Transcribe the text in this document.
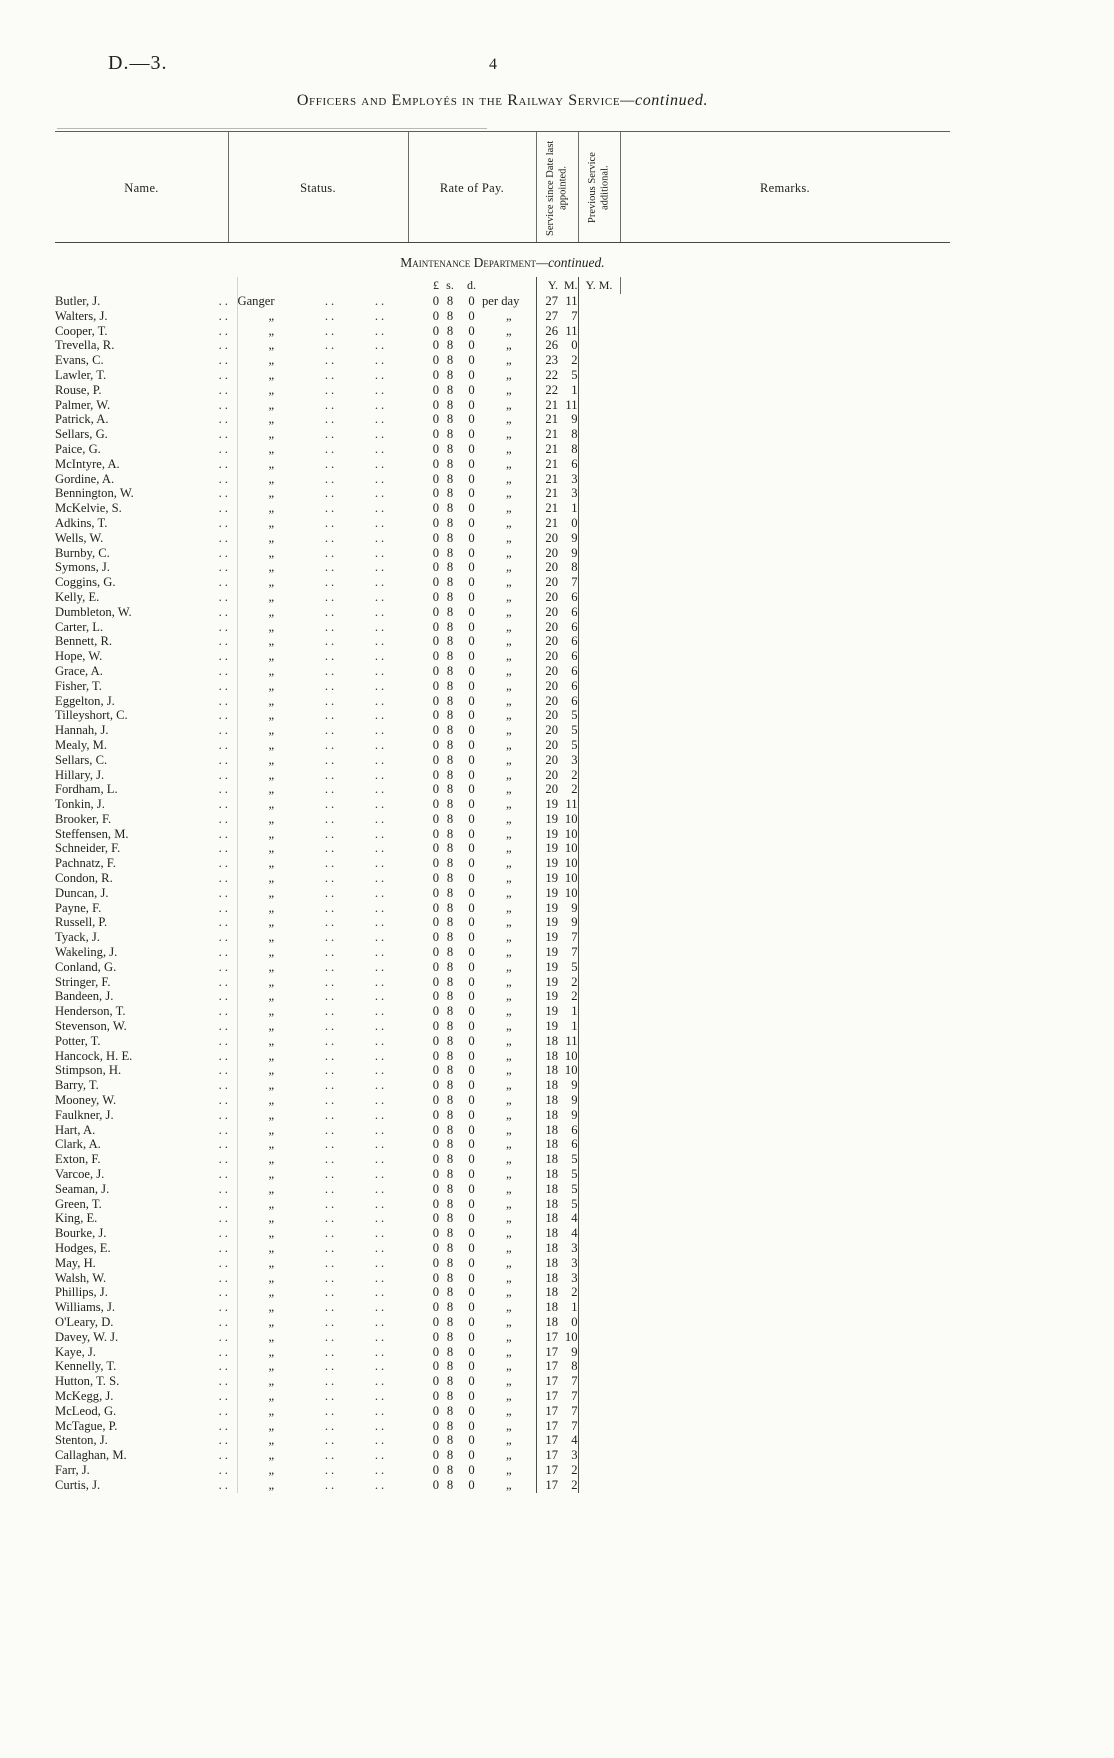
D.—3.	4
Officers and Employés in the Railway Service—continued.
Name.	Status.	Rate of Pay.	Service since Date last appointed. Previous Service additional.	Remarks.
Maintenance Department—continued.
					£	s.	d.		Y.	M.	Y. M.	
Butler, J.	..	Ganger	..	..	0	8	0	per day	27	11		
Walters, J.	..	„	..	..	0	8	0	„	27	7		
Cooper, T.	..	„	..	..	0	8	0	„	26	11		
Trevella, R.	..	„	..	..	0	8	0	„	26	0		
Evans, C.	..	„	..	..	0	8	0	„	23	2		
Lawler, T.	..	„	..	..	0	8	0	„	22	5		
Rouse, P.	..	„	..	..	0	8	0	„	22	1		
Palmer, W.	..	„	..	..	0	8	0	„	21	11		
Patrick, A.	..	„	..	..	0	8	0	„	21	9		
Sellars, G.	..	„	..	..	0	8	0	„	21	8		
Paice, G.	..	„	..	..	0	8	0	„	21	8		
McIntyre, A.	..	„	..	..	0	8	0	„	21	6		
Gordine, A.	..	„	..	..	0	8	0	„	21	3		
Bennington, W.	..	„	..	..	0	8	0	„	21	3		
McKelvie, S.	..	„	..	..	0	8	0	„	21	1		
Adkins, T.	..	„	..	..	0	8	0	„	21	0		
Wells, W.	..	„	..	..	0	8	0	„	20	9		
Burnby, C.	..	„	..	..	0	8	0	„	20	9		
Symons, J.	..	„	..	..	0	8	0	„	20	8		
Coggins, G.	..	„	..	..	0	8	0	„	20	7		
Kelly, E.	..	„	..	..	0	8	0	„	20	6		
Dumbleton, W.	..	„	..	..	0	8	0	„	20	6		
Carter, L.	..	„	..	..	0	8	0	„	20	6		
Bennett, R.	..	„	..	..	0	8	0	„	20	6		
Hope, W.	..	„	..	..	0	8	0	„	20	6		
Grace, A.	..	„	..	..	0	8	0	„	20	6		
Fisher, T.	..	„	..	..	0	8	0	„	20	6		
Eggelton, J.	..	„	..	..	0	8	0	„	20	6		
Tilleyshort, C.	..	„	..	..	0	8	0	„	20	5		
Hannah, J.	..	„	..	..	0	8	0	„	20	5		
Mealy, M.	..	„	..	..	0	8	0	„	20	5		
Sellars, C.	..	„	..	..	0	8	0	„	20	3		
Hillary, J.	..	„	..	..	0	8	0	„	20	2		
Fordham, L.	..	„	..	..	0	8	0	„	20	2		
Tonkin, J.	..	„	..	..	0	8	0	„	19	11		
Brooker, F.	..	„	..	..	0	8	0	„	19	10		
Steffensen, M.	..	„	..	..	0	8	0	„	19	10		
Schneider, F.	..	„	..	..	0	8	0	„	19	10		
Pachnatz, F.	..	„	..	..	0	8	0	„	19	10		
Condon, R.	..	„	..	..	0	8	0	„	19	10		
Duncan, J.	..	„	..	..	0	8	0	„	19	10		
Payne, F.	..	„	..	..	0	8	0	„	19	9		
Russell, P.	..	„	..	..	0	8	0	„	19	9		
Tyack, J.	..	„	..	..	0	8	0	„	19	7		
Wakeling, J.	..	„	..	..	0	8	0	„	19	7		
Conland, G.	..	„	..	..	0	8	0	„	19	5		
Stringer, F.	..	„	..	..	0	8	0	„	19	2		
Bandeen, J.	..	„	..	..	0	8	0	„	19	2		
Henderson, T.	..	„	..	..	0	8	0	„	19	1		
Stevenson, W.	..	„	..	..	0	8	0	„	19	1		
Potter, T.	..	„	..	..	0	8	0	„	18	11		
Hancock, H. E.	..	„	..	..	0	8	0	„	18	10		
Stimpson, H.	..	„	..	..	0	8	0	„	18	10		
Barry, T.	..	„	..	..	0	8	0	„	18	9		
Mooney, W.	..	„	..	..	0	8	0	„	18	9		
Faulkner, J.	..	„	..	..	0	8	0	„	18	9		
Hart, A.	..	„	..	..	0	8	0	„	18	6		
Clark, A.	..	„	..	..	0	8	0	„	18	6		
Exton, F.	..	„	..	..	0	8	0	„	18	5		
Varcoe, J.	..	„	..	..	0	8	0	„	18	5		
Seaman, J.	..	„	..	..	0	8	0	„	18	5		
Green, T.	..	„	..	..	0	8	0	„	18	5		
King, E.	..	„	..	..	0	8	0	„	18	4		
Bourke, J.	..	„	..	..	0	8	0	„	18	4		
Hodges, E.	..	„	..	..	0	8	0	„	18	3		
May, H.	..	„	..	..	0	8	0	„	18	3		
Walsh, W.	..	„	..	..	0	8	0	„	18	3		
Phillips, J.	..	„	..	..	0	8	0	„	18	2		
Williams, J.	..	„	..	..	0	8	0	„	18	1		
O'Leary, D.	..	„	..	..	0	8	0	„	18	0		
Davey, W. J.	..	„	..	..	0	8	0	„	17	10		
Kaye, J.	..	„	..	..	0	8	0	„	17	9		
Kennelly, T.	..	„	..	..	0	8	0	„	17	8		
Hutton, T. S.	..	„	..	..	0	8	0	„	17	7		
McKegg, J.	..	„	..	..	0	8	0	„	17	7		
McLeod, G.	..	„	..	..	0	8	0	„	17	7		
McTague, P.	..	„	..	..	0	8	0	„	17	7		
Stenton, J.	..	„	..	..	0	8	0	„	17	4		
Callaghan, M.	..	„	..	..	0	8	0	„	17	3		
Farr, J.	..	„	..	..	0	8	0	„	17	2		
Curtis, J.	..	„	..	..	0	8	0	„	17	2		
